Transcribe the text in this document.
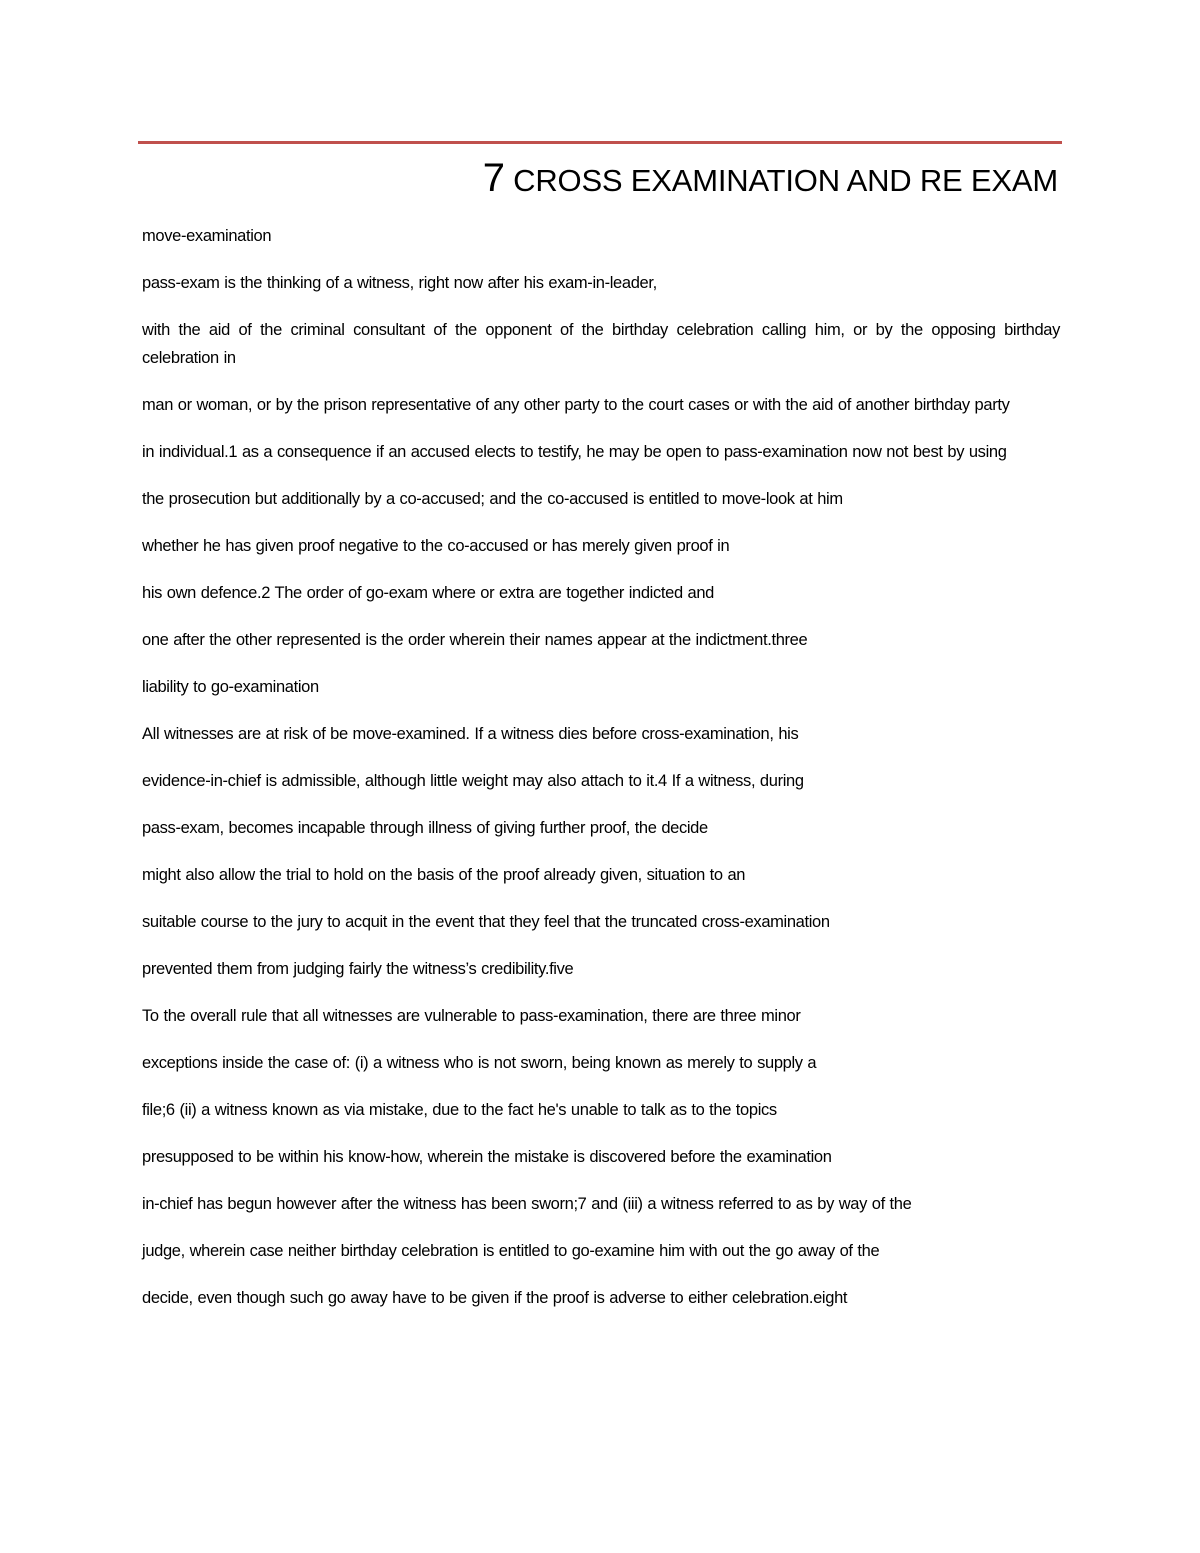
7 CROSS EXAMINATION AND RE EXAM

move-examination

pass-exam is the thinking of a witness, right now after his exam-in-leader,

with the aid of the criminal consultant of the opponent of the birthday celebration calling him, or by the opposing birthday celebration in

man or woman, or by the prison representative of any other party to the court cases or with the aid of another birthday party

in individual.1 as a consequence if an accused elects to testify, he may be open to pass-examination now not best by using

the prosecution but additionally by a co-accused; and the co-accused is entitled to move-look at him

whether he has given proof negative to the co-accused or has merely given proof in

his own defence.2 The order of go-exam where or extra are together indicted and

one after the other represented is the order wherein their names appear at the indictment.three

liability to go-examination

All witnesses are at risk of be move-examined. If a witness dies before cross-examination, his

evidence-in-chief is admissible, although little weight may also attach to it.4 If a witness, during

pass-exam, becomes incapable through illness of giving further proof, the decide

might also allow the trial to hold on the basis of the proof already given, situation to an

suitable course to the jury to acquit in the event that they feel that the truncated cross-examination

prevented them from judging fairly the witness’s credibility.five

To the overall rule that all witnesses are vulnerable to pass-examination, there are three minor

exceptions inside the case of: (i) a witness who is not sworn, being known as merely to supply a

file;6 (ii) a witness known as via mistake, due to the fact he's unable to talk as to the topics

presupposed to be within his know-how, wherein the mistake is discovered before the examination

in-chief has begun however after the witness has been sworn;7 and (iii) a witness referred to as by way of the

judge, wherein case neither birthday celebration is entitled to go-examine him with out the go away of the

decide, even though such go away have to be given if the proof is adverse to either celebration.eight
